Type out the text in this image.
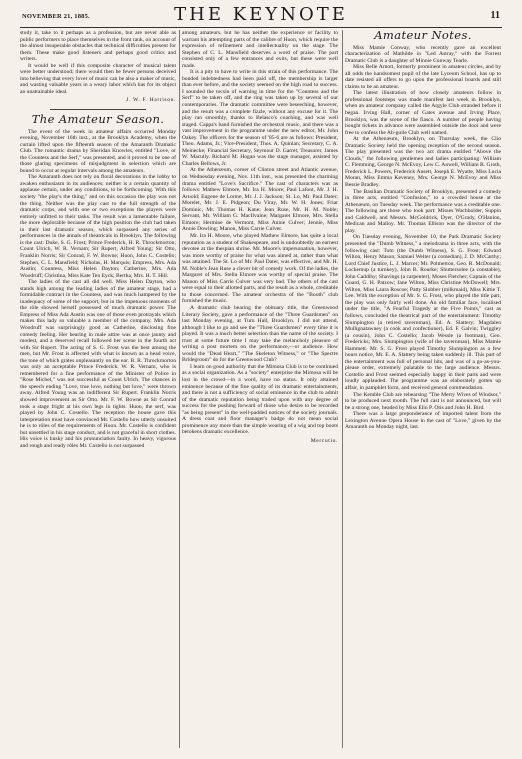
NOVEMBER 21, 1885.	THE KEYNOTE	11

study it, take to it perhaps as a profession, but are never able as public performers to place themselves in the front rank, on account of the almost insuperable obstacles that technical difficulties present for them. These make good listeners and perhaps good critics and writers.

It would be well if this composite character of musical talent were better understood; there would then be fewer persons deceived into believing that every lover of music can be also a maker of music, and wasting valuable years in a weary labor which has for its object an unattainable ideal.

J. W. F. Harrison.
The Amateur Season.

The event of the week in amateur affairs occurred Monday evening, November 16th inst., at the Brooklyn Academy, when the curtain lifted upon the fifteenth season of the Amaranth Dramatic Club. The romantic drama by Sheridan Knowles, entitled "Love, or the Countess and the Serf," was presented, and it proved to be one of those glaring specimens of misjudgment in selection which are bound to occur at regular intervals among the amateurs.

The Amaranth does not rely on floral decorations in the lobby to awaken enthusiasm in its audiences; neither is a certain quantity of applause certain, under any conditions, to be forthcoming. With this society "the play's the thing," and on this occasion the play was not the thing. Neither was the play cast to the full strength of the dramatic corps, and with one or two exceptions the players were entirely unfitted to their tasks. The result was a lamentable failure, the more deplorable because of the high position the club had taken in their last dramatic season, which surpassed any series of performances in the annals of theatricals in Brooklyn. The following is the cast: Duke, S. G. Frost; Prince Frederick, H. R. Throckmorton; Count Ulrich, W. R. Vernam; Sir Rupert, Alfred Young; Sir Otto, Franklin Norris; Sir Conrad, F. W. Bowne; Huon, John C. Costello; Stephen, C. L. Mansfield; Nicholas, H. Marquis; Empress, Mrs. Ada Austin; Countess, Miss Helen Dayton; Catherine, Mrs. Ada Woodruff; Christina, Miss Kate Ten Eyck; Bertha, Mrs. H. T. Hill.

The ladies of the cast all did well. Miss Helen Dayton, who stands high among the leading ladies of the amateur stage, had a formidable contract in the Countess, and was much hampered by the inadequacy of some of the support, but in the impetuous moments of the rôle showed herself possessed of much dramatic power. The Empress of Miss Ada Austin was one of those even protrayals which makes this lady so valuable a member of the company. Mrs. Ada Woodruff was surprisingly good as Catherine, disclosing fine comedy feeling. Her bearing in male attire was at once jaunty and modest, and a deserved recall followed her scene in the fourth act with Sir Rupert. The acting of S. G. Frost was the best among the men, but Mr. Frost is affected with what is known as a head voice, the tone of which grates unpleasantly on the ear. B. R. Throckmorton was only an acceptable Prince Frederick. W. R. Vernam, who is remembered for a fine performance of the Minister of Police in "Rose Michel," was not successful as Count Ulrich. The chances in the speech ending "Love, true love, nothing but love," were thrown away. Alfred Young was an indifferent Sir Rupert. Franklin Norris showed improvement as Sir Otto. Mr. F. W. Bowne as Sir Conrad took a stage fright at his own legs in tights. Huon, the serf, was played by John C. Costello. The reception the house gave this interpretation must have convinced Mr. Costello how utterly unsuited he is to rôles of the requirements of Huon. Mr. Costello is confident but unsettled in his stage conduct, and is not graceful in short clothes. His voice is husky and his pronunciation faulty. In heavy, vigorous and rough and ready rôles Mr. Costello is not surpassed

among amateurs, but he has neither the experience or facility to warrant his attempting parts of the calibre of Huon, which require the expression of refinement and intellectuality on the stage. The Stephen of C. L. Mansfield deserves a word of praise. The part consisted only of a few entrances and exits, but these were well made.

It is a pity to have to write in this strain of this performance. The bonded indebtedness had been paid off, the membership is larger than ever before, and the society seemed on the high road to success. I sounded the tocsin of warning in time for the "Countess and the Serf" to be taken off, and the ring was taken up by several of our contemporaries. The dramatic committee were beseeching, however, and the result was a complete fizzle, without any excuse for it. The play ran smoothly, thanks to Belasco's coaching, and was well staged. Cappa's band furnished the orchestral music, and there was a vast improvement in the programme under the new editor, Mr. John Oakey. The officers for the season of '85-6 are as follows: President, Theo. Adams, Jr.; Vice-President, Thos. A. Quinlan; Secretary, C. A. Meinecke; Financial Secretary, Seymour D. Garret; Treasurer, James W. Macully. Richard M. Hogan was the stage manager, assisted by Charles Bellows, Jr.

At the Athenæum, corner of Clinton street and Atlantic avenue, on Wednesday evening, Nov. 11th inst., was presented the charming drama entitled "Love's Sacrifice." The cast of characters was as follows: Mathew Elmore, Mr. Ira H. Moore; Paul Lafont, Mr. J. H. Arnold; Eugene de Lorme, Mr. J. J. Jackson; St. Lo, Mr. Paul Dater; Morelet, Mr. J. E. Pidgeon; Du Viray, Mr. W. H. Jones; Friar Dominic, Mr. Thomas H. Kane; Jean Ruse, Mr. H. M. Noble; Servant, Mr. William G. MacIlvaine; Margaret Elmore, Mrs. Stella Elmore; Hermine de Vermont, Miss Annie Culver; Jennie, Miss Annie Dowling; Manon, Miss Carrie Culver.

Mr. Ira H. Moore, who played Mathew Elmore, has quite a local reputation as a student of Shakespeare, and is undoubtedly an earnest devotee at the thespian shrine. Mr. Moore's impersonation, however, was more worthy of praise for what was aimed at, rather than what was attained. The St. Lo of Mr. Paul Dater, was effective, and Mr. H. M. Noble's Jean Ruse a clever bit of comedy work. Of the ladies, the Margaret of Mrs. Stella Elmore was worthy of special praise. The Manon of Miss Carrie Culver was very bad. The others of the cast were equal to their allotted parts, and the result as a whole, creditable to those concerned. The amateur orchestra of the "Booth" club furnished the music.

A dramatic club bearing the obituary title, the Greenwood Literary Society, gave a performance of the "Three Guardsmen" on last Monday evening, at Turn Hall, Brooklyn. I did not attend, although I like to go and see the "Three Guardsmen" every time it is played. It was a much better selection than the name of the society. I trust at some future time I may take the melancholy pleasure of writing a post mortem on the performance,—or audience. How would the "Dead Heart," "The Skeleton Witness," or "The Spectre Bridegroom" do for the Greenwood Club?

I learn on good authority that the Mimosa Club is to be continued as a social organization. As a "society" enterprise the Mimosa will be lost in the crowd—in a word, have no status. It only attained eminence because of the fine quality of its dramatic entertainments, and there is not a sufficiency of social eminence in the club to admit of the dramatic reputation being traded upon with any degree of success for the pushing forward of those who desire to be recorded "as being present" in the well-padded notices of the society journals. A dress coat and floor manager's badge do not mean social prominence any more than the simple wearing of a wig and top boots betokens dramatic excellence.

Mercutio.
Amateur Notes.

Miss Mamie Conway, who recently gave an excellent characterization of Mathilde in "Led Astray," with the Forrest Dramatic Club is a daughter of Minnie Conway Tearle.

Miss Belle Arnott, formerly prominent in amateur circles, and by all odds the handsomest pupil of the late Lyceum School, has up to date resisted all offers to go upon the professional boards and still claims to be an amateur.

The latest illustration of how closely amateurs follow in professional footsteps was made manifest last week in Brooklyn, when an amateur company called the Argyle Club stranded before it began. Irving Hall, corner of Gates avenue and Irving Place, Brooklyn, was the scene of the fiasco. A number of people having bought tickets in advance were assembled outside the door and were free to confess the Ah-guile Club well named.

At the Athenæum, Brooklyn, on Thursday week, the Clio Dramatic Society held the opening reception of the second season. The play presented was the two act drama entitled "Above the Clouds," the following gentlemen and ladies participating: William C. Flemming, George N. McEvoy, Lew C. Anwell, William R. Groth, Frederick L. Powers, Frederick Ansett, Joseph E. Wyatte, Miss Lucia Moran, Miss Emma Keveney, Mrs. George N. McEvoy and Miss Bessie Bradley.

The Basilian Dramatic Society of Brooklyn, presented a comedy in three acts, entitled "Confusion," to a crowded house at the Athenæum, on Tuesday week. The performance was a creditable one. The following are those who took part: Misses Wachholder, Suppin and Caldwell, and Messrs. McGoldrick, Dyer, O'Grady, O'Hanlon, Medican and Malloy. Mr. Thomas Ellison was the director of the play.

On Tuesday evening, November 10, the Park Dramatic Society presented the "Dumb Witness," a melodrama in three acts, with the following cast: Tom (the Dumb Witness), S. G. Frost; Edward Wilton, Henry Mason; Samuel Welter (a comedian), J. D. McCarthy; Lord Chief Justice, L. J. Marcer; Mr. Polmerton, Geo. R. McDonald; Lockemup (a turnkey), John B. Rourke; Shuttersolee (a constable), John Caddihy; Shavings (a carpenter), Moses Fletcher; Captain of the Guard, G. H. Patzow; Jane Wilton, Miss Christine McDowell; Mrs. Wilton, Miss Laura Roscoe; Patty Slobber (milkmaid), Miss Kittie T. Lee. With the exception of Mr. S. G. Frost, who played the title part, the play was only fairly well done. An old familiar face, localised under the title, "A Fearful Tragedy at the Five Points," cast as follows, concluded the theatrical part of the entertainment: Timothy Slumpington (a retired tavernman), Ed. A. Slattery; Magdalen Mullignatawney (a cook and confectioner), Ed. F. Galvin; Twiggley (a cousin), John C. Costello; Jacob Wessle (a footman), Geo. Fredericks; Mrs. Slumpington (wife of the tavernman), Miss Mamie Hammett. Mr. S. G. Frost played Timothy Slumpington as a few hours notice, Mr. E. A. Slattery being taken suddenly ill. This part of the entertainment was full of personal hits, and was of a go-as-you-please order, extremely palatable to the large audience. Messrs. Costello and Frost seemed especially happy in their parts and were loudly applauded. The programme was an elaborately gotten up affair, in pamphlet form, and received general commendation.

The Kemble Club are rehearsing "The Merry Wives of Windsor," to be produced next month. The full cast is not announced, but will be a strong one, headed by Miss Elin P. Otis and John H. Bird.

There was a large preponderance of imported talent from the Lexington Avenue Opera House in the cast of "Love," given by the Amaranth on Monday night, last.
